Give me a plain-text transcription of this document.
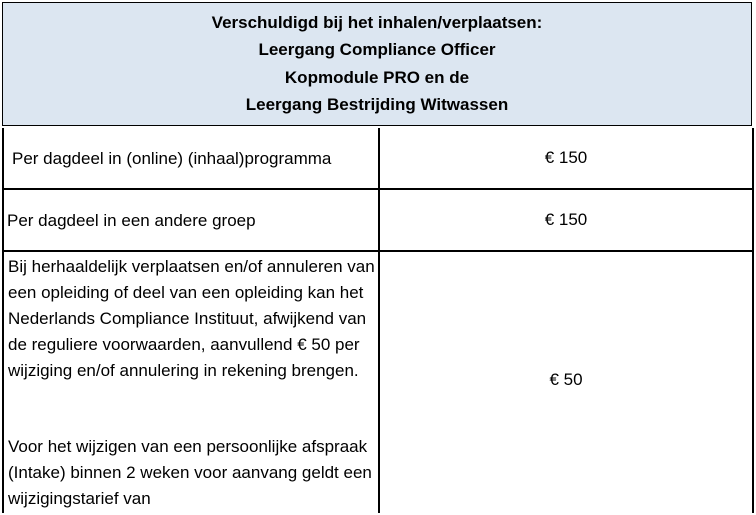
Verschuldigd bij het inhalen/verplaatsen:
Leergang Compliance Officer
Kopmodule PRO en de
Leergang Bestrijding Witwassen
Per dagdeel in (online) (inhaal)programma	€ 150
Per dagdeel in een andere groep	€ 150
Bij herhaaldelijk verplaatsen en/of annuleren van een opleiding of deel van een opleiding kan het Nederlands Compliance Instituut, afwijkend van de reguliere voorwaarden, aanvullend € 50 per wijziging en/of annulering in rekening brengen.
Voor het wijzigen van een persoonlijke afspraak (Intake) binnen 2 weken voor aanvang geldt een wijzigingstarief van
€ 50
